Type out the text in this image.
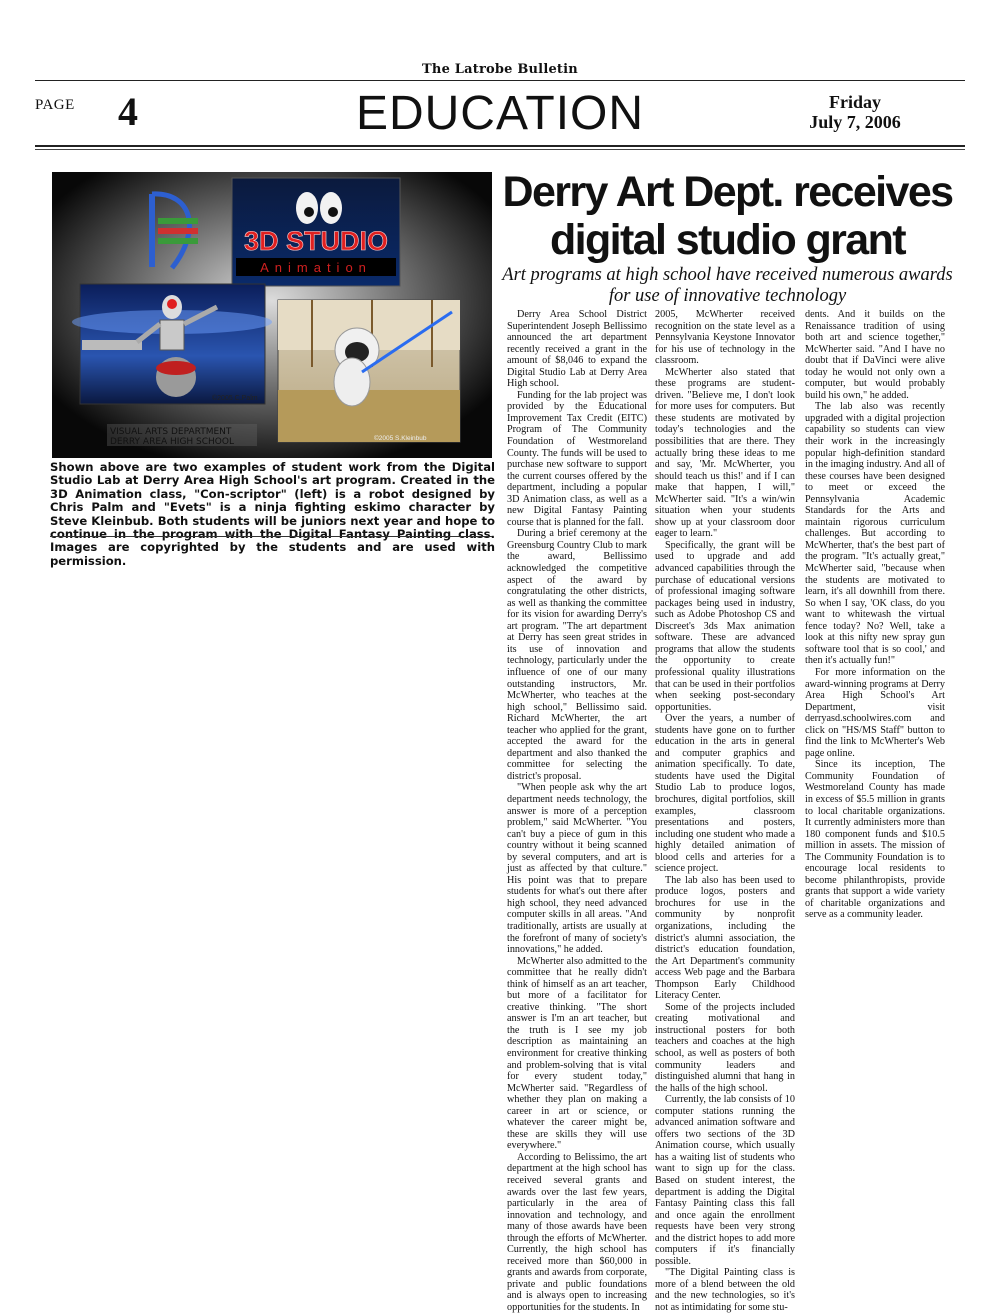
The Latrobe Bulletin
PAGE 4	EDUCATION	Friday
July 7, 2006
3D STUDIO
Animation
©2005 C.Palm
©2005 S.Kleinbub
VISUAL ARTS DEPARTMENT
DERRY AREA HIGH SCHOOL
Shown above are two examples of student work from the Digital Studio Lab at Derry Area High School's art program. Created in the 3D Animation class, "Con-scriptor" (left) is a robot designed by Chris Palm and "Evets" is a ninja fighting eskimo character by Steve Kleinbub. Both students will be juniors next year and hope to continue in the program with the Digital Fantasy Painting class. Images are copyrighted by the students and are used with permission.
Derry Art Dept. receives digital studio grant
Art programs at high school have received numerous awards for use of innovative technology

Derry Area School District Superintendent Joseph Bellissimo announced the art department recently received a grant in the amount of $8,046 to expand the Digital Studio Lab at Derry Area High school.

Funding for the lab project was provided by the Educational Improvement Tax Credit (EITC) Program of The Community Foundation of Westmoreland County. The funds will be used to purchase new software to support the current courses offered by the department, including a popular 3D Animation class, as well as a new Digital Fantasy Painting course that is planned for the fall.

During a brief ceremony at the Greensburg Country Club to mark the award, Bellissimo acknowledged the competitive aspect of the award by congratulating the other districts, as well as thanking the committee for its vision for awarding Derry's art program. "The art department at Derry has seen great strides in its use of innovation and technology, particularly under the influence of one of our many outstanding instructors, Mr. McWherter, who teaches at the high school," Bellissimo said. Richard McWherter, the art teacher who applied for the grant, accepted the award for the department and also thanked the committee for selecting the district's proposal.

"When people ask why the art department needs technology, the answer is more of a perception problem," said McWherter. "You can't buy a piece of gum in this country without it being scanned by several computers, and art is just as affected by that culture." His point was that to prepare students for what's out there after high school, they need advanced computer skills in all areas. "And traditionally, artists are usually at the forefront of many of society's innovations," he added.

McWherter also admitted to the committee that he really didn't think of himself as an art teacher, but more of a facilitator for creative thinking. "The short answer is I'm an art teacher, but the truth is I see my job description as maintaining an environment for creative thinking and problem-solving that is vital for every student today," McWherter said. "Regardless of whether they plan on making a career in art or science, or whatever the career might be, these are skills they will use everywhere."

According to Belissimo, the art department at the high school has received several grants and awards over the last few years, particularly in the area of innovation and technology, and many of those awards have been through the efforts of McWherter. Currently, the high school has received more than $60,000 in grants and awards from corporate, private and public foundations and is always open to increasing opportunities for the students. In

2005, McWherter received recognition on the state level as a Pennsylvania Keystone Innovator for his use of technology in the classroom.

McWherter also stated that these programs are student-driven. "Believe me, I don't look for more uses for computers. But these students are motivated by today's technologies and the possibilities that are there. They actually bring these ideas to me and say, 'Mr. McWherter, you should teach us this!' and if I can make that happen, I will," McWherter said. "It's a win/win situation when your students show up at your classroom door eager to learn."

Specifically, the grant will be used to upgrade and add advanced capabilities through the purchase of educational versions of professional imaging software packages being used in industry, such as Adobe Photoshop CS and Discreet's 3ds Max animation software. These are advanced programs that allow the students the opportunity to create professional quality illustrations that can be used in their portfolios when seeking post-secondary opportunities.

Over the years, a number of students have gone on to further education in the arts in general and computer graphics and animation specifically. To date, students have used the Digital Studio Lab to produce logos, brochures, digital portfolios, skill examples, classroom presentations and posters, including one student who made a highly detailed animation of blood cells and arteries for a science project.

The lab also has been used to produce logos, posters and brochures for use in the community by nonprofit organizations, including the district's alumni association, the district's education foundation, the Art Department's community access Web page and the Barbara Thompson Early Childhood Literacy Center.

Some of the projects included creating motivational and instructional posters for both teachers and coaches at the high school, as well as posters of both community leaders and distinguished alumni that hang in the halls of the high school.

Currently, the lab consists of 10 computer stations running the advanced animation software and offers two sections of the 3D Animation course, which usually has a waiting list of students who want to sign up for the class. Based on student interest, the department is adding the Digital Fantasy Painting class this fall and once again the enrollment requests have been very strong and the district hopes to add more computers if it's financially possible.

"The Digital Painting class is more of a blend between the old and the new technologies, so it's not as intimidating for some stu-

dents. And it builds on the Renaissance tradition of using both art and science together," McWherter said. "And I have no doubt that if DaVinci were alive today he would not only own a computer, but would probably build his own," he added.

The lab also was recently upgraded with a digital projection capability so students can view their work in the increasingly popular high-definition standard in the imaging industry. And all of these courses have been designed to meet or exceed the Pennsylvania Academic Standards for the Arts and maintain rigorous curriculum challenges. But according to McWherter, that's the best part of the program. "It's actually great," McWherter said, "because when the students are motivated to learn, it's all downhill from there. So when I say, 'OK class, do you want to whitewash the virtual fence today? No? Well, take a look at this nifty new spray gun software tool that is so cool,' and then it's actually fun!"

For more information on the award-winning programs at Derry Area High School's Art Department, visit derryasd.schoolwires.com and click on "HS/MS Staff" button to find the link to McWherter's Web page online.

Since its inception, The Community Foundation of Westmoreland County has made in excess of $5.5 million in grants to local charitable organizations. It currently administers more than 180 component funds and $10.5 million in assets. The mission of The Community Foundation is to encourage local residents to become philanthropists, provide grants that support a wide variety of charitable organizations and serve as a community leader.
